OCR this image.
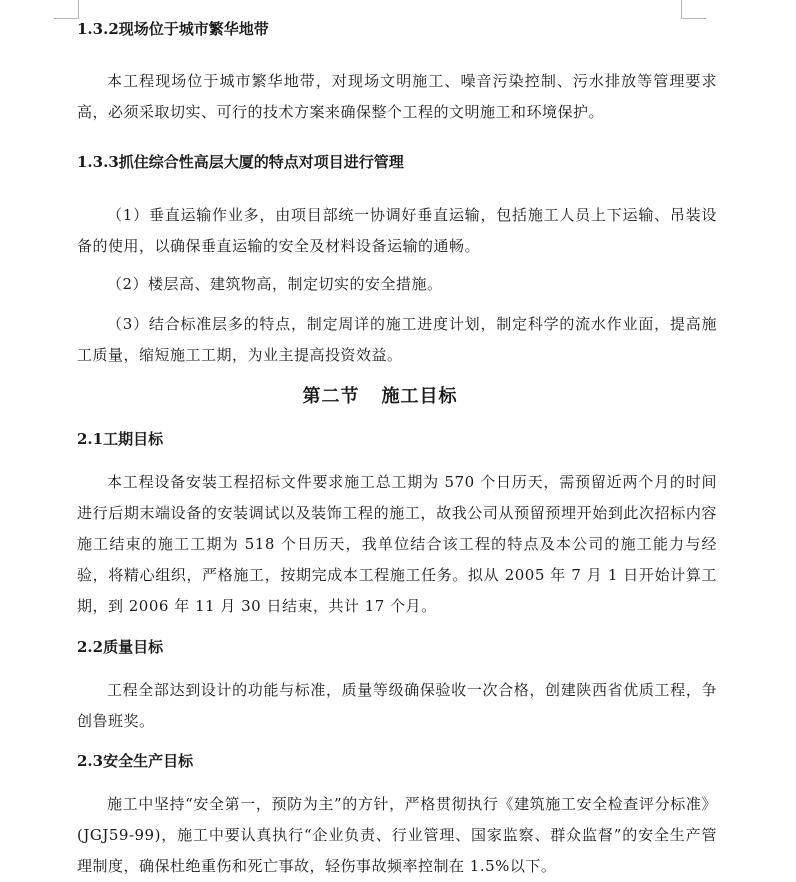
1.3.2现场位于城市繁华地带
本工程现场位于城市繁华地带，对现场文明施工、噪音污染控制、污水排放等管理要求高，必须采取切实、可行的技术方案来确保整个工程的文明施工和环境保护。
1.3.3抓住综合性高层大厦的特点对项目进行管理
（1）垂直运输作业多，由项目部统一协调好垂直运输，包括施工人员上下运输、吊装设备的使用，以确保垂直运输的安全及材料设备运输的通畅。
（2）楼层高、建筑物高，制定切实的安全措施。
（3）结合标准层多的特点，制定周详的施工进度计划，制定科学的流水作业面，提高施工质量，缩短施工工期，为业主提高投资效益。
第二节 施工目标
2.1工期目标
本工程设备安装工程招标文件要求施工总工期为 570 个日历天，需预留近两个月的时间进行后期末端设备的安装调试以及装饰工程的施工，故我公司从预留预埋开始到此次招标内容施工结束的施工工期为 518 个日历天，我单位结合该工程的特点及本公司的施工能力与经验，将精心组织，严格施工，按期完成本工程施工任务。拟从 2005 年 7 月 1 日开始计算工期，到 2006 年 11 月 30 日结束，共计 17 个月。
2.2质量目标
工程全部达到设计的功能与标准，质量等级确保验收一次合格，创建陕西省优质工程，争创鲁班奖。
2.3安全生产目标
施工中坚持“安全第一，预防为主”的方针，严格贯彻执行《建筑施工安全检查评分标准》(JGJ59-99)，施工中要认真执行“企业负责、行业管理、国家监察、群众监督”的安全生产管理制度，确保杜绝重伤和死亡事故，轻伤事故频率控制在 1.5%以下。
